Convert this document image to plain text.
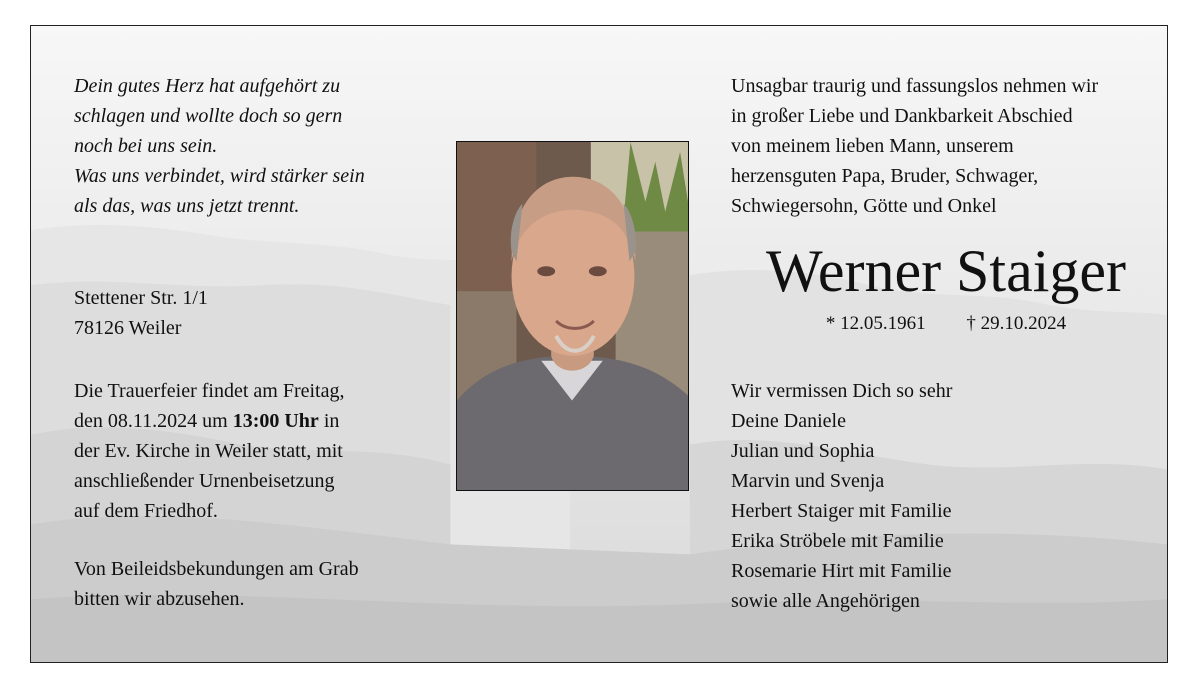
Dein gutes Herz hat aufgehört zu
schlagen und wollte doch so gern
noch bei uns sein.
Was uns verbindet, wird stärker sein
als das, was uns jetzt trennt.
Stettener Str. 1/1
78126 Weiler
Die Trauerfeier findet am Freitag,
den 08.11.2024 um 13:00 Uhr in
der Ev. Kirche in Weiler statt, mit
anschließender Urnenbeisetzung
auf dem Friedhof.
Von Beileidsbekundungen am Grab
bitten wir abzusehen.
Unsagbar traurig und fassungslos nehmen wir
in großer Liebe und Dankbarkeit Abschied
von meinem lieben Mann, unserem
herzensguten Papa, Bruder, Schwager,
Schwiegersohn, Götte und Onkel
Werner Staiger
* 12.05.1961 † 29.10.2024
Wir vermissen Dich so sehr
Deine Daniele
Julian und Sophia
Marvin und Svenja
Herbert Staiger mit Familie
Erika Ströbele mit Familie
Rosemarie Hirt mit Familie
sowie alle Angehörigen
